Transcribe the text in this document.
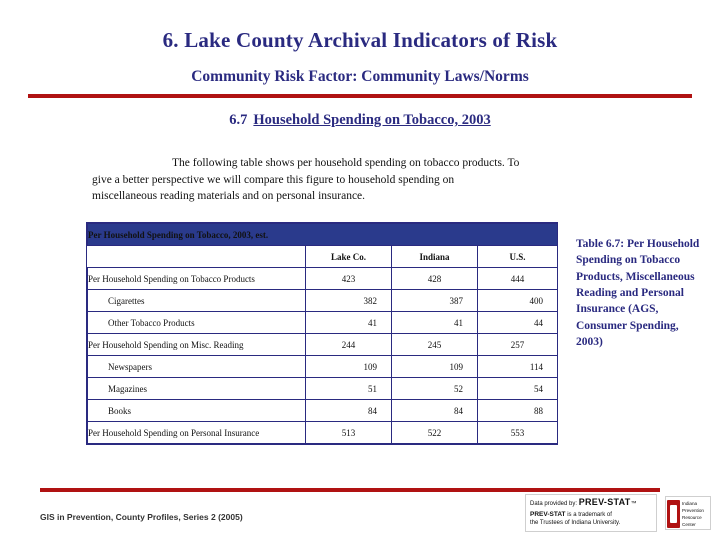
6. Lake County Archival Indicators of Risk
Community Risk Factor: Community Laws/Norms
6.7 Household Spending on Tobacco, 2003
The following table shows per household spending on tobacco products. To
give a better perspective we will compare this figure to household spending on
miscellaneous reading materials and on personal insurance.
Per Household Spending on Tobacco, 2003, est.			
	Lake Co.	Indiana	U.S.
Per Household Spending on Tobacco Products	423	428	444
Cigarettes	382	387	400
Other Tobacco Products	41	41	44
Per Household Spending on Misc. Reading	244	245	257
Newspapers	109	109	114
Magazines	51	52	54
Books	84	84	88
Per Household Spending on Personal Insurance	513	522	553
Table 6.7: Per Household Spending on Tobacco Products, Miscellaneous Reading and Personal Insurance (AGS, Consumer Spending, 2003)
GIS in Prevention, County Profiles, Series 2 (2005)
Data provided by: PREV-STAT™
PREV-STAT is a trademark of
the Trustees of Indiana University.
Indiana
Prevention
Resource
Center
